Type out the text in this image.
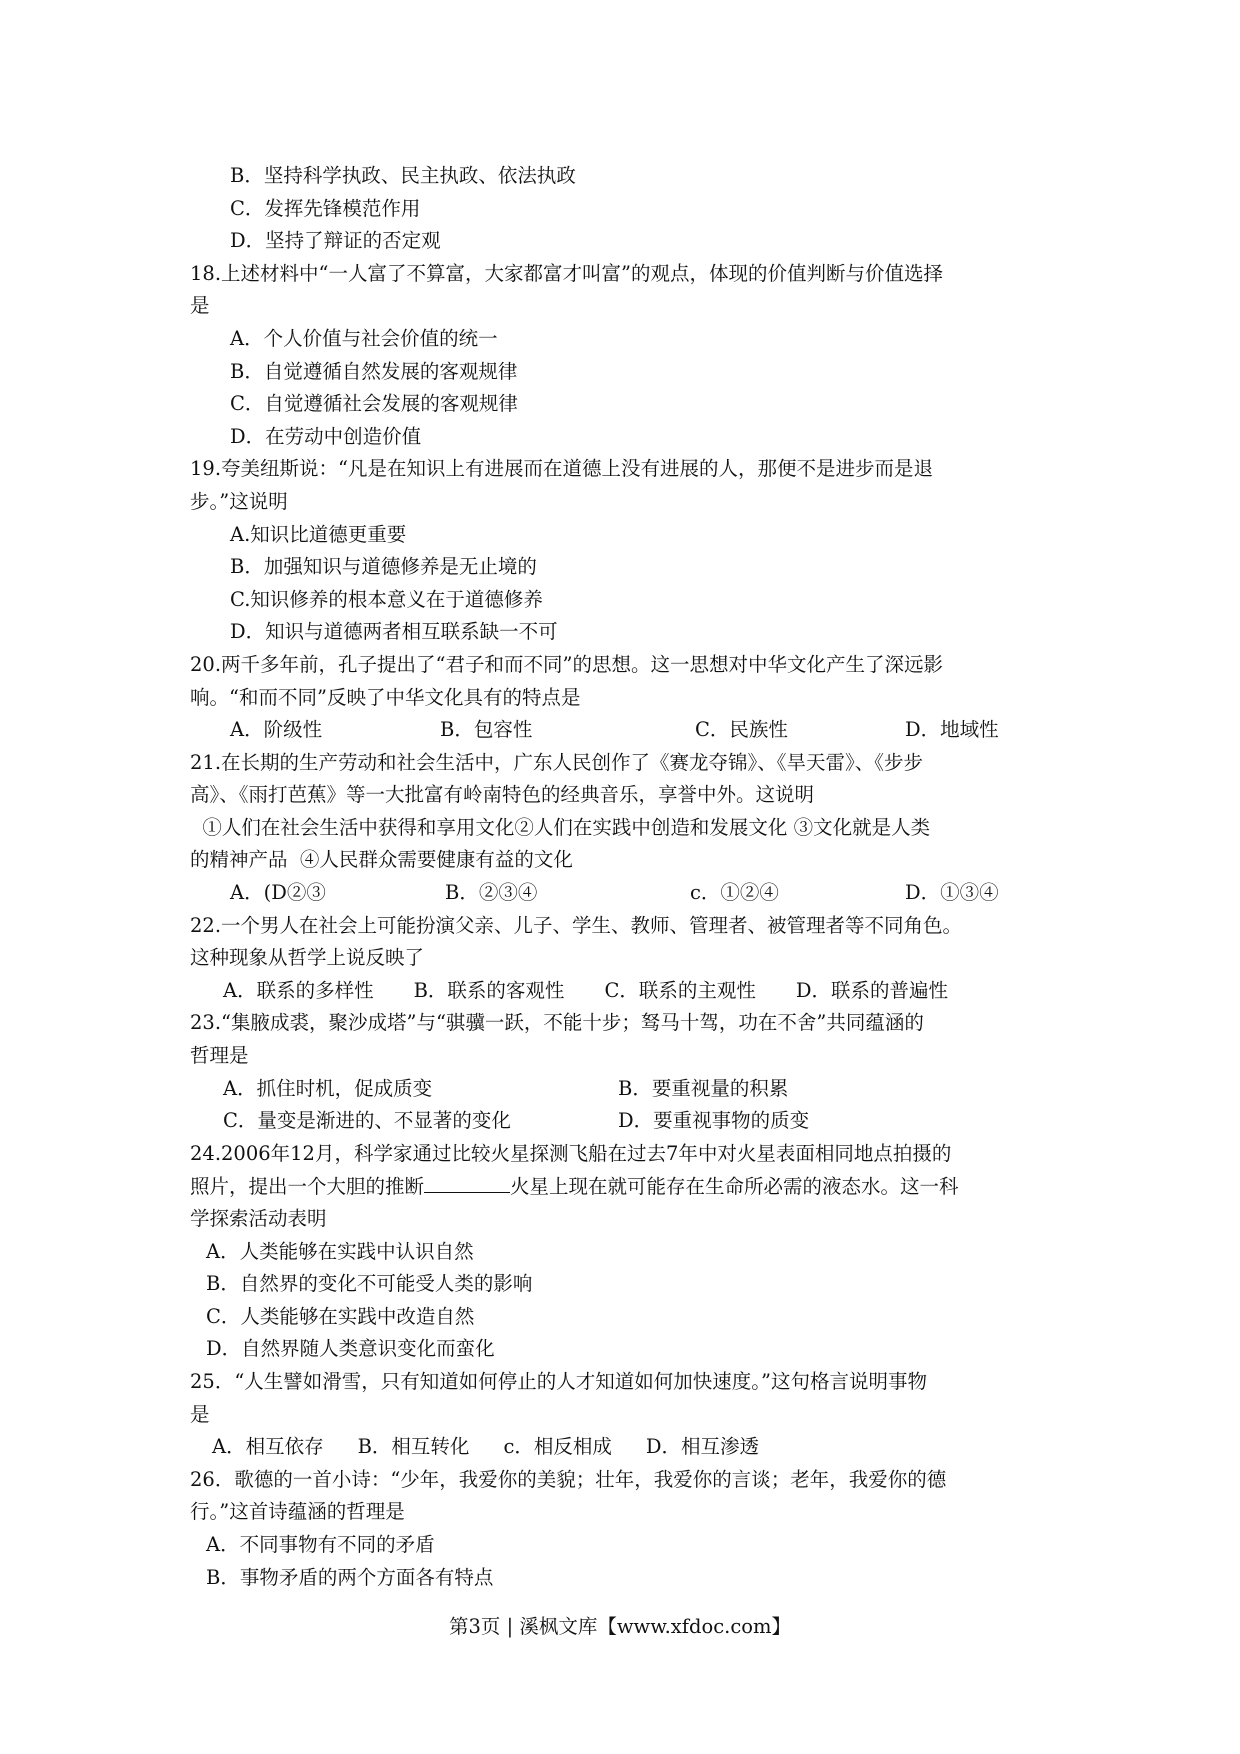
B．坚持科学执政、民主执政、依法执政
C．发挥先锋模范作用
D．坚持了辩证的否定观
18.上述材料中“一人富了不算富，大家都富才叫富”的观点，体现的价值判断与价值选择
是
A．个人价值与社会价值的统一
B．自觉遵循自然发展的客观规律
C．自觉遵循社会发展的客观规律
D．在劳动中创造价值
19.夸美纽斯说：“凡是在知识上有进展而在道德上没有进展的人，那便不是进步而是退
步。”这说明
A.知识比道德更重要
B．加强知识与道德修养是无止境的
C.知识修养的根本意义在于道德修养
D．知识与道德两者相互联系缺一不可
20.两千多年前，孔子提出了“君子和而不同”的思想。这一思想对中华文化产生了深远影
响。“和而不同”反映了中华文化具有的特点是
A．阶级性	B．包容性	C．民族性	D．地域性
21.在长期的生产劳动和社会生活中，广东人民创作了《赛龙夺锦》、《旱天雷》、《步步
高》、《雨打芭蕉》等一大批富有岭南特色的经典音乐，享誉中外。这说明
①人们在社会生活中获得和享用文化②人们在实践中创造和发展文化 ③文化就是人类
的精神产品  ④人民群众需要健康有益的文化
A．(D②③	B．②③④	c．①②④	D．①③④
22.一个男人在社会上可能扮演父亲、儿子、学生、教师、管理者、被管理者等不同角色。
这种现象从哲学上说反映了
A．联系的多样性 B．联系的客观性 C．联系的主观性 D．联系的普遍性
23.“集腋成裘，聚沙成塔”与“骐骥一跃，不能十步；驽马十驾，功在不舍”共同蕴涵的
哲理是
A．抓住时机，促成质变	B．要重视量的积累
C．量变是渐进的、不显著的变化	D．要重视事物的质变
24.2006年12月，科学家通过比较火星探测飞船在过去7年中对火星表面相同地点拍摄的
照片，提出一个大胆的推断	火星上现在就可能存在生命所必需的液态水。这一科
学探索活动表明
A．人类能够在实践中认识自然
B．自然界的变化不可能受人类的影响
C．人类能够在实践中改造自然
D．自然界随人类意识变化而蛮化
25．“人生譬如滑雪，只有知道如何停止的人才知道如何加快速度。”这句格言说明事物
是
A．相互依存 B．相互转化 c．相反相成 D．相互渗透
26．歌德的一首小诗：“少年，我爱你的美貌；壮年，我爱你的言谈；老年，我爱你的德
行。”这首诗蕴涵的哲理是
A．不同事物有不同的矛盾
B．事物矛盾的两个方面各有特点
第3页 | 溪枫文库【www.xfdoc.com】
